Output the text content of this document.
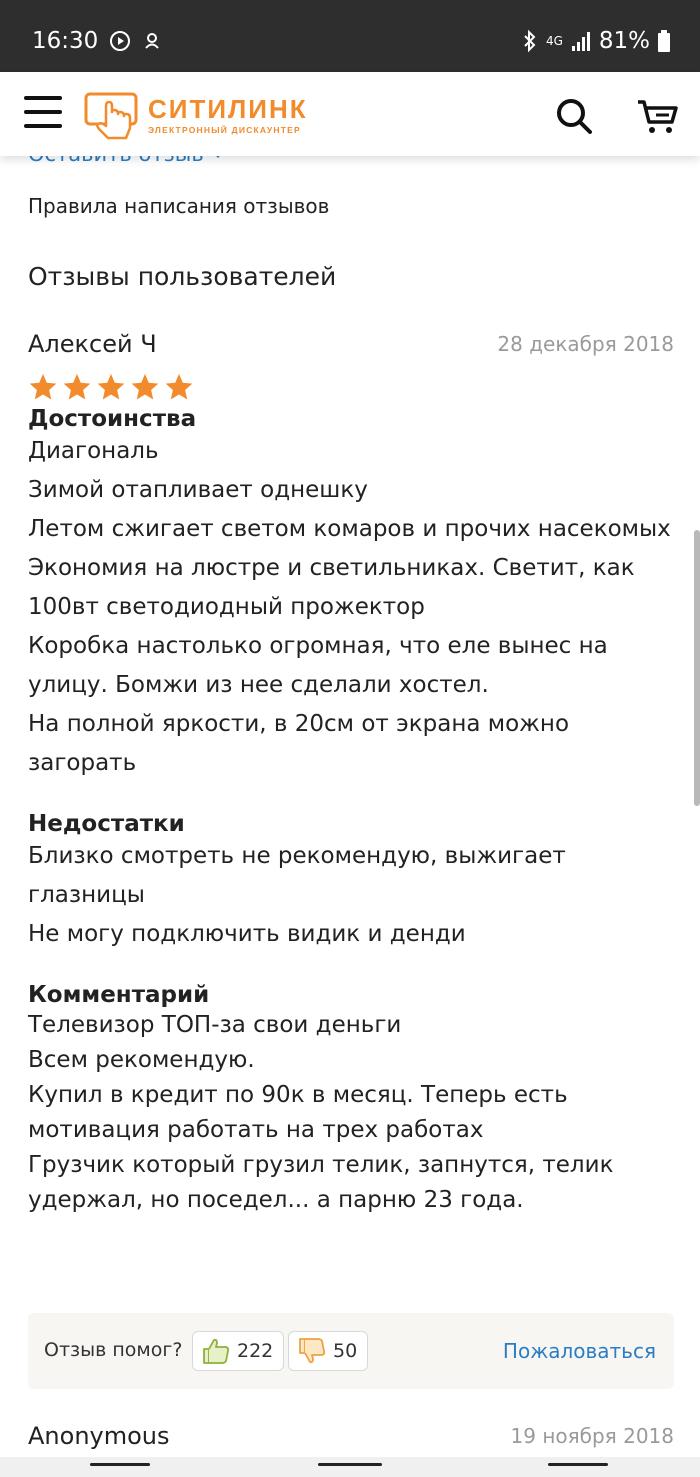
16:30	4G 81%
СИТИЛИНК
ЭЛЕКТРОННЫЙ ДИСКАУНТЕР
Правила написания отзывов
Отзывы пользователей
Алексей Ч	28 декабря 2018
Достоинства
Диагональ
Зимой отапливает однешку
Летом сжигает светом комаров и прочих насекомых
Экономия на люстре и светильниках. Светит, как 100вт светодиодный прожектор
Коробка настолько огромная, что еле вынес на улицу. Бомжи из нее сделали хостел.
На полной яркости, в 20см от экрана можно загорать
Недостатки
Близко смотреть не рекомендую, выжигает глазницы
Не могу подключить видик и денди
Комментарий
Телевизор ТОП-за свои деньги
Всем рекомендую.
Купил в кредит по 90к в месяц. Теперь есть мотивация работать на трех работах
Грузчик который грузил телик, запнутся, телик удержал, но поседел... а парню 23 года.
Отзыв помог?	222	50	Пожаловаться
Anonymous	19 ноября 2018
